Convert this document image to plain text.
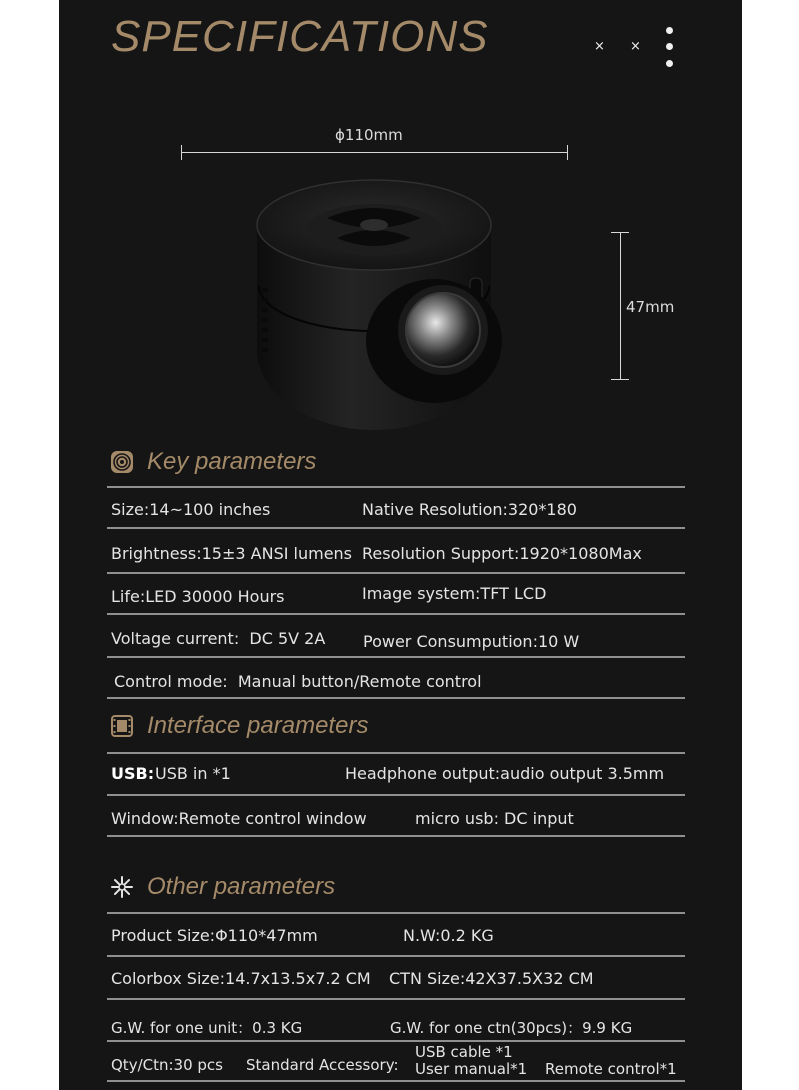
SPECIFICATIONS	× ×
ϕ110mm
47mm
Key parameters
Size:14~100 inches	Native Resolution:320*180
Brightness:15±3 ANSI lumens Resolution Support:1920*1080Max
Life:LED 30000 Hours	Image system:TFT LCD
Voltage current:  DC 5V 2A Power Consumpution:10 W
Control mode:  Manual button/Remote control
Interface parameters
USB: USB in *1	Headphone output:audio output 3.5mm
Window:Remote control window	micro usb: DC input
Other parameters
Product Size:Φ110*47mm	N.W:0.2 KG
Colorbox Size:14.7x13.5x7.2 CM CTN Size:42X37.5X32 CM
G.W. for one unit：0.3 KG	G.W. for one ctn(30pcs)：9.9 KG
Qty/Ctn:30 pcs Standard Accessory:
USB cable *1
User manual*1 Remote control*1
